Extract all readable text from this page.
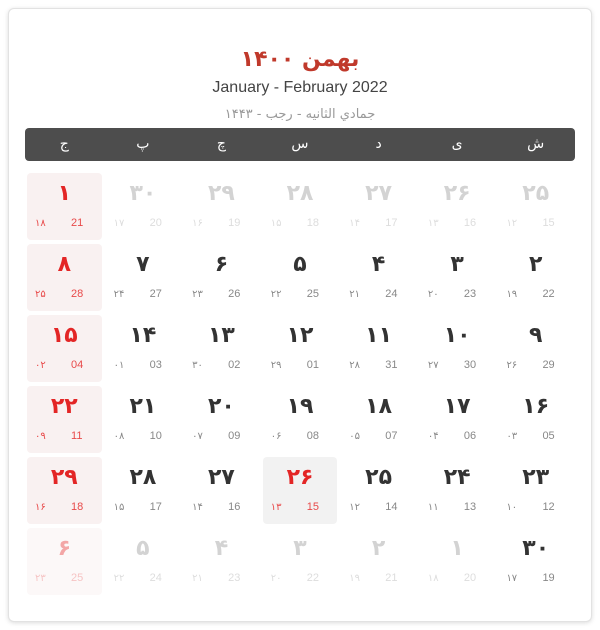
بهمن ۱۴۰۰
January - February 2022
جمادي الثانيه - رجب - ۱۴۴۳
ش
ی
د
س
چ
پ
ج
۲۵
15
۱۲
۲۶
16
۱۳
۲۷
17
۱۴
۲۸
18
۱۵
۲۹
19
۱۶
۳۰
20
۱۷
۱
21
۱۸
۲
22
۱۹
۳
23
۲۰
۴
24
۲۱
۵
25
۲۲
۶
26
۲۳
۷
27
۲۴
۸
28
۲۵
۹
29
۲۶
۱۰
30
۲۷
۱۱
31
۲۸
۱۲
01
۲۹
۱۳
02
۳۰
۱۴
03
۰۱
۱۵
04
۰۲
۱۶
05
۰۳
۱۷
06
۰۴
۱۸
07
۰۵
۱۹
08
۰۶
۲۰
09
۰۷
۲۱
10
۰۸
۲۲
11
۰۹
۲۳
12
۱۰
۲۴
13
۱۱
۲۵
14
۱۲
۲۶
15
۱۳
۲۷
16
۱۴
۲۸
17
۱۵
۲۹
18
۱۶
۳۰
19
۱۷
۱
20
۱۸
۲
21
۱۹
۳
22
۲۰
۴
23
۲۱
۵
24
۲۲
۶
25
۲۳
